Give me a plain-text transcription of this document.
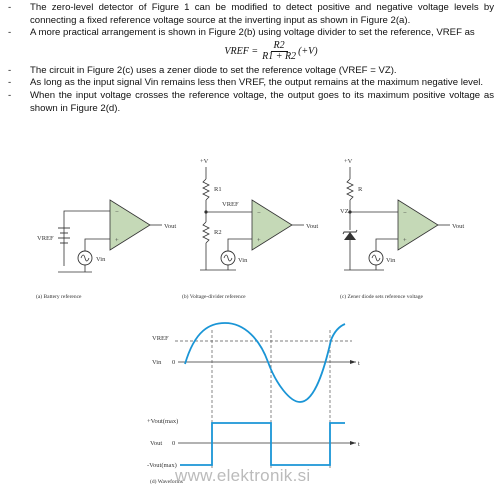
-	The zero-level detector of Figure 1 can be modified to detect positive and negative voltage levels by connecting a fixed reference voltage source at the inverting input as shown in Figure 2(a).
-	A more practical arrangement is shown in Figure 2(b) using voltage divider to set the reference, VREF as
VREF = $\frac{R2}{R1 + R2} (+V)$
-	The circuit in Figure 2(c) uses a zener diode to set the reference voltage (VREF = VZ).
-	As long as the input signal Vin remains less then VREF, the output remains at the maximum negative level.
-	When the input voltage crosses the reference voltage, the output goes to its maximum positive voltage as shown in Figure 2(d).
−
+
VREF
Vin
Vout
(a) Battery reference
+V
−
+
R1
R2
VREF
Vin
Vout
(b) Voltage-divider reference
+V
−
+
R
VZ
Vin
Vout
(c) Zener diode sets reference voltage
VREF
Vin 0	t
+Vout(max)
Vout 0	t
-Vout(max)
(d) Waveforms
www.elektronik.si
